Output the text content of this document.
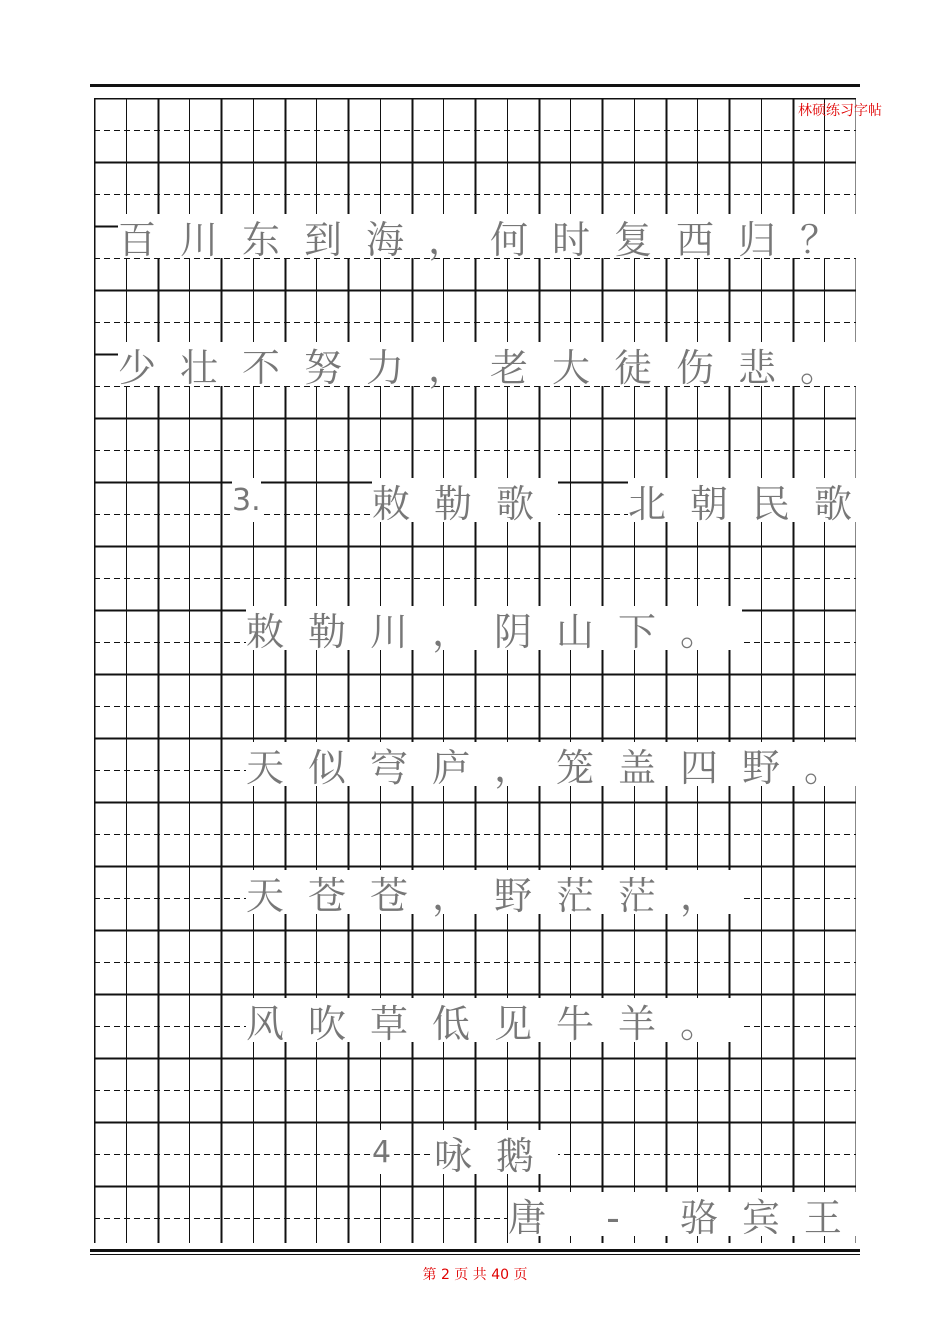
林硕练习字帖
百川东到海，何时复西归？
少壮不努力，老大徒伤悲。
3.	敕勒歌 北朝民歌
敕勒川，阴山下。
天似穹庐，笼盖四野。
天苍苍，野茫茫，
风吹草低见牛羊。
4 咏鹅
唐 - 骆宾王
第 2 页 共 40 页
